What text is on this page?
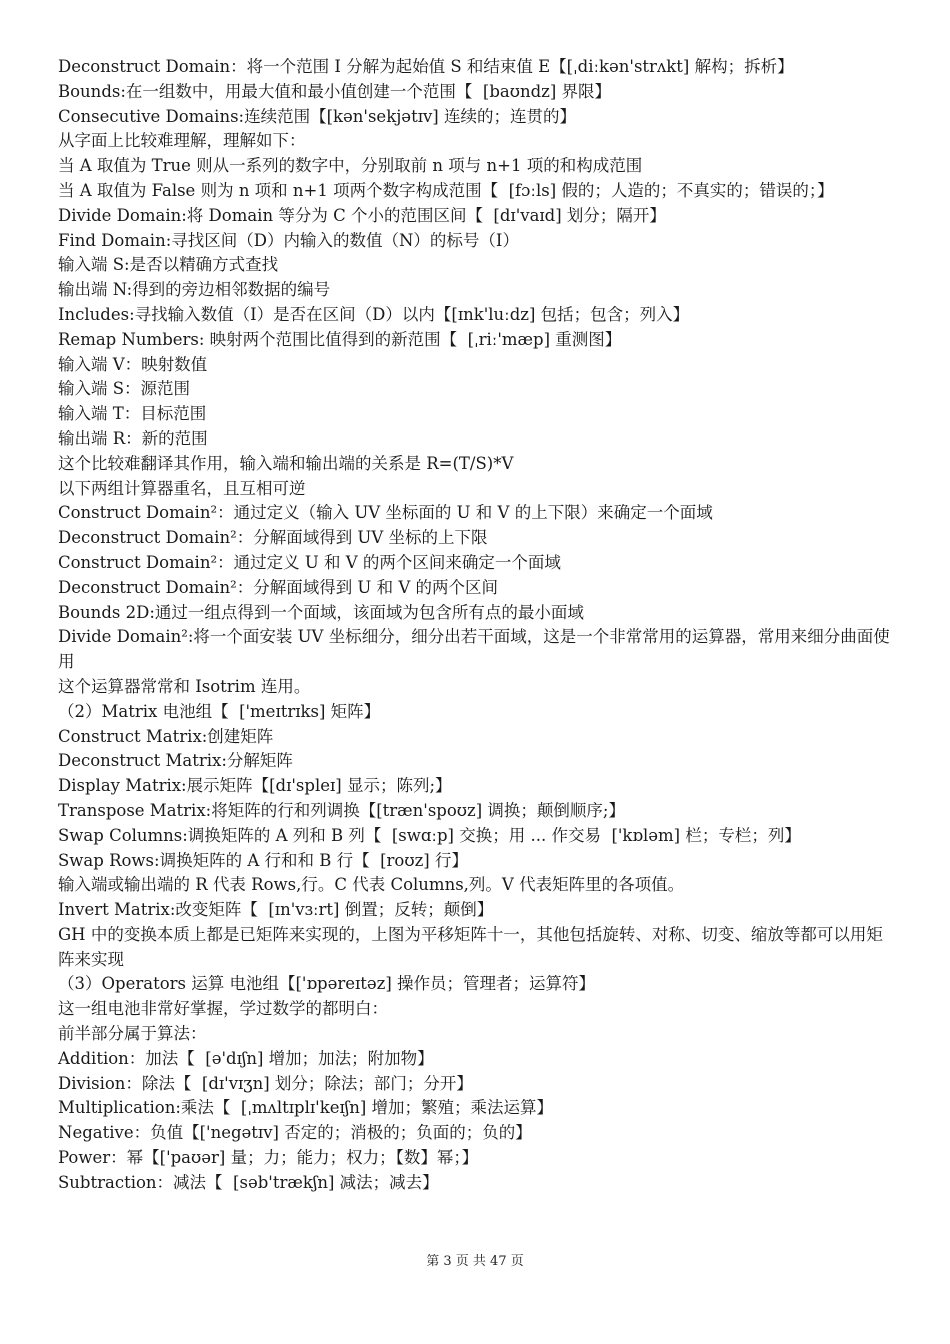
Deconstruct Domain：将一个范围 I 分解为起始值 S 和结束值 E【[ˌdiːkən'strʌkt] 解构；拆析】

Bounds:在一组数中，用最大值和最小值创建一个范围【  [baʊndz] 界限】

Consecutive Domains:连续范围【[kən'sekjətɪv] 连续的；连贯的】

从字面上比较难理解，理解如下：

当 A 取值为 True 则从一系列的数字中，分别取前 n 项与 n+1 项的和构成范围

当 A 取值为 False 则为 n 项和 n+1 项两个数字构成范围【  [fɔːls] 假的；人造的；不真实的；错误的；】

Divide Domain:将 Domain 等分为 C 个小的范围区间【  [dɪ'vaɪd] 划分；隔开】

Find Domain:寻找区间（D）内输入的数值（N）的标号（I）

输入端 S:是否以精确方式查找

输出端 N:得到的旁边相邻数据的编号

Includes:寻找输入数值（I）是否在区间（D）以内【[ɪnk'luːdz] 包括；包含；列入】

Remap Numbers: 映射两个范围比值得到的新范围【  [ˌriː'mæp] 重测图】

输入端 V：映射数值

输入端 S：源范围

输入端 T：目标范围

输出端 R：新的范围

这个比较难翻译其作用，输入端和输出端的关系是 R=(T/S)*V

以下两组计算器重名，且互相可逆

Construct Domain²：通过定义（输入 UV 坐标面的 U 和 V 的上下限）来确定一个面域

Deconstruct Domain²：分解面域得到 UV 坐标的上下限

Construct Domain²：通过定义 U 和 V 的两个区间来确定一个面域

Deconstruct Domain²：分解面域得到 U 和 V 的两个区间

Bounds 2D:通过一组点得到一个面域，该面域为包含所有点的最小面域

Divide Domain²:将一个面安装 UV 坐标细分，细分出若干面域，这是一个非常常用的运算器，常用来细分曲面使用

这个运算器常常和 Isotrim 连用。

（2）Matrix 电池组【  ['meɪtrɪks] 矩阵】

Construct Matrix:创建矩阵

Deconstruct Matrix:分解矩阵

Display Matrix:展示矩阵【[dɪ'spleɪ] 显示；陈列;】

Transpose Matrix:将矩阵的行和列调换【[træn'spoʊz] 调换；颠倒顺序;】

Swap Columns:调换矩阵的 A 列和 B 列【  [swɑːp] 交换；用 ... 作交易  ['kɒləm] 栏；专栏；列】

Swap Rows:调换矩阵的 A 行和和 B 行【  [roʊz] 行】

输入端或输出端的 R 代表 Rows,行。C 代表 Columns,列。V 代表矩阵里的各项值。

Invert Matrix:改变矩阵【  [ɪn'vɜːrt] 倒置；反转；颠倒】

GH 中的变换本质上都是已矩阵来实现的，上图为平移矩阵十一，其他包括旋转、对称、切变、缩放等都可以用矩阵来实现

（3）Operators 运算 电池组【['ɒpəreɪtəz] 操作员；管理者；运算符】

这一组电池非常好掌握，学过数学的都明白：

前半部分属于算法：

Addition：加法【  [ə'dɪʃn] 增加；加法；附加物】

Division：除法【  [dɪ'vɪʒn] 划分；除法；部门；分开】

Multiplication:乘法【  [ˌmʌltɪplɪ'keɪʃn] 增加；繁殖；乘法运算】

Negative：负值【['negətɪv] 否定的；消极的；负面的；负的】

Power：幂【['paʊər] 量；力；能力；权力；【数】幂；】

Subtraction：减法【  [səb'trækʃn] 减法；减去】

第 3 页 共 47 页
